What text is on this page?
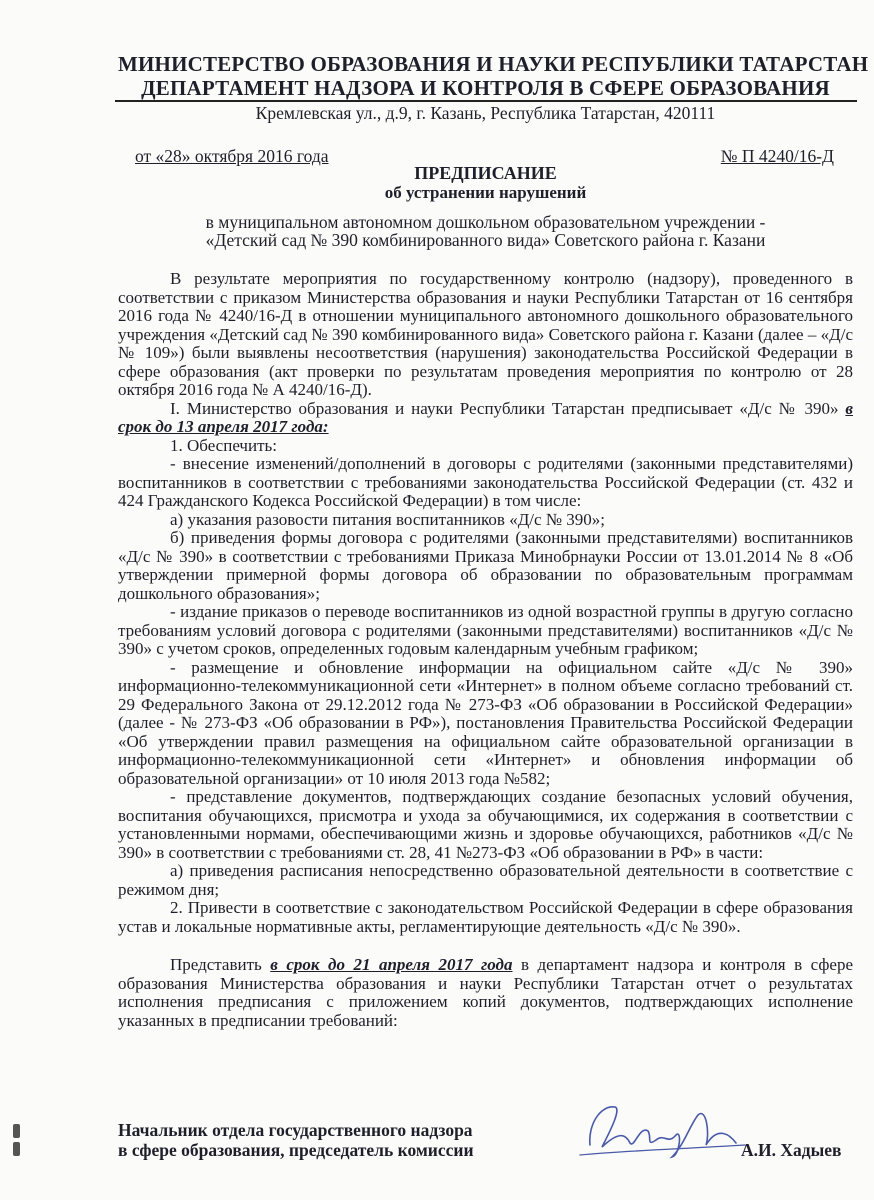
МИНИСТЕРСТВО ОБРАЗОВАНИЯ И НАУКИ РЕСПУБЛИКИ ТАТАРСТАН
ДЕПАРТАМЕНТ НАДЗОРА И КОНТРОЛЯ В СФЕРЕ ОБРАЗОВАНИЯ
Кремлевская ул., д.9, г. Казань, Республика Татарстан, 420111
от «28» октября 2016 года	№ П 4240/16-Д
ПРЕДПИСАНИЕ
об устранении нарушений
в муниципальном автономном дошкольном образовательном учреждении -
«Детский сад № 390 комбинированного вида» Советского района г. Казани

В результате мероприятия по государственному контролю (надзору), проведенного в соответствии с приказом Министерства образования и науки Республики Татарстан от 16 сентября 2016 года № 4240/16-Д в отношении муниципального автономного дошкольного образовательного учреждения «Детский сад № 390 комбинированного вида» Советского района г. Казани (далее – «Д/с № 109») были выявлены несоответствия (нарушения) законодательства Российской Федерации в сфере образования (акт проверки по результатам проведения мероприятия по контролю от 28 октября 2016 года № А 4240/16-Д).

I. Министерство образования и науки Республики Татарстан предписывает «Д/с № 390» в срок до 13 апреля 2017 года:

1. Обеспечить:

- внесение изменений/дополнений в договоры с родителями (законными представителями) воспитанников в соответствии с требованиями законодательства Российской Федерации (ст. 432 и 424 Гражданского Кодекса Российской Федерации) в том числе:

а) указания разовости питания воспитанников «Д/с № 390»;

б) приведения формы договора с родителями (законными представителями) воспитанников «Д/с № 390» в соответствии с требованиями Приказа Минобрнауки России от 13.01.2014 № 8 «Об утверждении примерной формы договора об образовании по образовательным программам дошкольного образования»;

- издание приказов о переводе воспитанников из одной возрастной группы в другую согласно требованиям условий договора с родителями (законными представителями) воспитанников «Д/с № 390» с учетом сроков, определенных годовым календарным учебным графиком;

- размещение и обновление информации на официальном сайте «Д/с № 390» информационно-телекоммуникационной сети «Интернет» в полном объеме согласно требований ст. 29 Федерального Закона от 29.12.2012 года № 273-ФЗ «Об образовании в Российской Федерации» (далее - № 273-ФЗ «Об образовании в РФ»), постановления Правительства Российской Федерации «Об утверждении правил размещения на официальном сайте образовательной организации в информационно-телекоммуникационной сети «Интернет» и обновления информации об образовательной организации» от 10 июля 2013 года №582;

- представление документов, подтверждающих создание безопасных условий обучения, воспитания обучающихся, присмотра и ухода за обучающимися, их содержания в соответствии с установленными нормами, обеспечивающими жизнь и здоровье обучающихся, работников «Д/с № 390» в соответствии с требованиями ст. 28, 41 №273-ФЗ «Об образовании в РФ» в части:

а) приведения расписания непосредственно образовательной деятельности в соответствие с режимом дня;

2. Привести в соответствие с законодательством Российской Федерации в сфере образования устав и локальные нормативные акты, регламентирующие деятельность «Д/с № 390».

Представить в срок до 21 апреля 2017 года в департамент надзора и контроля в сфере образования Министерства образования и науки Республики Татарстан отчет о результатах исполнения предписания с приложением копий документов, подтверждающих исполнение указанных в предписании требований:

Начальник отдела государственного надзора
в сфере образования, председатель комиссии	А.И. Хадыев
